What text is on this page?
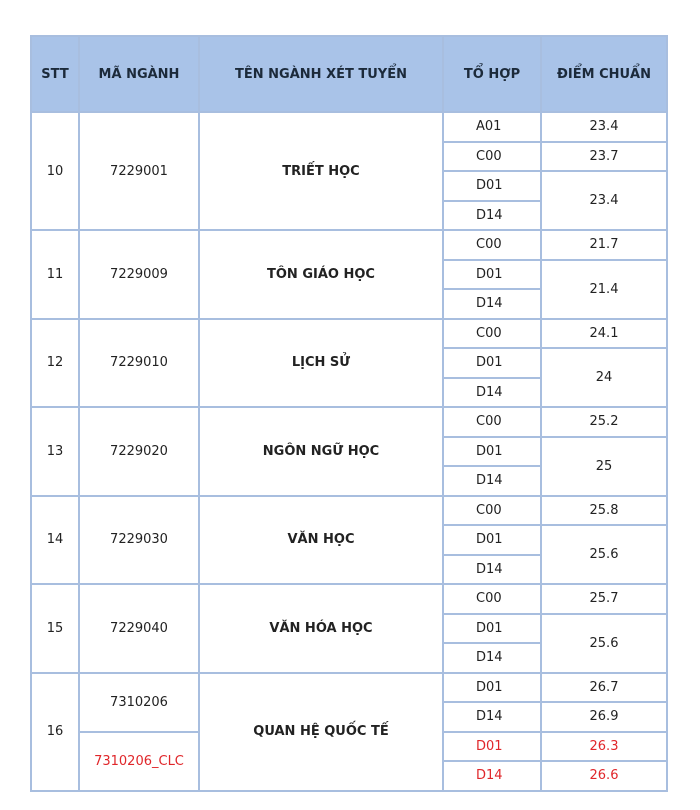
STT	MÃ NGÀNH	TÊN NGÀNH XÉT TUYỂN	TỔ HỢP	ĐIỂM CHUẨN
10	7229001	TRIẾT HỌC	A01	23.4
			C00	23.7
			D01	23.4
			D14	
11	7229009	TÔN GIÁO HỌC	C00	21.7
			D01	21.4
			D14	
12	7229010	LỊCH SỬ	C00	24.1
			D01	24
			D14	
13	7229020	NGÔN NGỮ HỌC	C00	25.2
			D01	25
			D14	
14	7229030	VĂN HỌC	C00	25.8
			D01	25.6
			D14	
15	7229040	VĂN HÓA HỌC	C00	25.7
			D01	25.6
			D14	
16	7310206	QUAN HỆ QUỐC TẾ	D01	26.7
			D14	26.9
	7310206_CLC		D01	26.3
			D14	26.6
